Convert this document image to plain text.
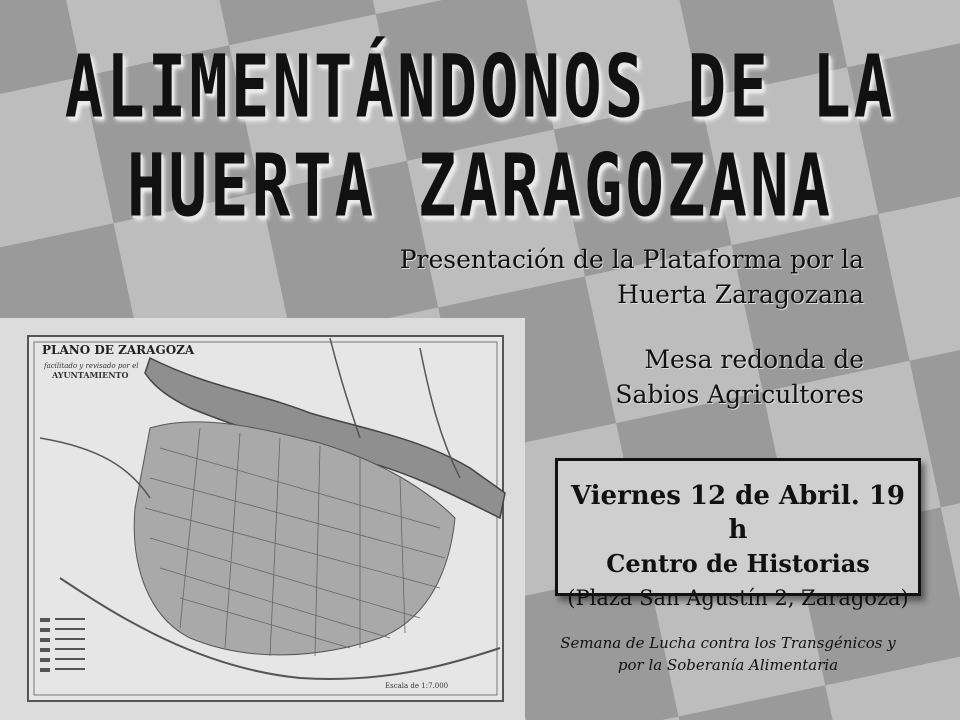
ALIMENTÁNDONOS DE LA
HUERTA ZARAGOZANA
Presentación de la Plataforma por la
Huerta Zaragozana
Mesa redonda de
Sabios Agricultores
PLANO DE ZARAGOZA
facilitado y revisado por el
AYUNTAMIENTO
Escala de 1:7.000
Viernes 12 de Abril. 19 h
Centro de Historias
(Plaza San Agustín 2, Zaragoza)
Semana de Lucha contra los Transgénicos y
por la Soberanía Alimentaria
